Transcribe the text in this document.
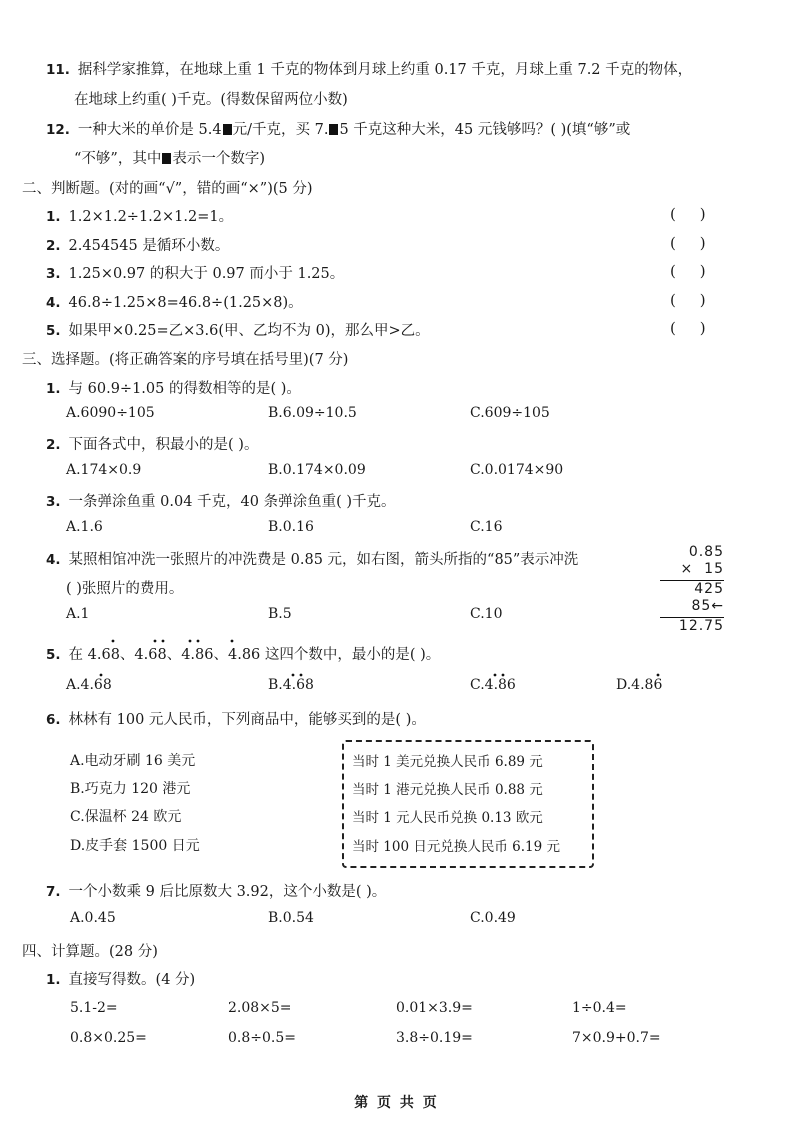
11. 据科学家推算，在地球上重 1 千克的物体到月球上约重 0.17 千克，月球上重 7.2 千克的物体，
在地球上约重( )千克。(得数保留两位小数)
12. 一种大米的单价是 5.4 元/千克，买 7. 5 千克这种大米，45 元钱够吗？( )(填“够”或
“不够”，其中 表示一个数字)
二、判断题。(对的画“√”，错的画“×”)(5 分)
1. 1.2×1.2÷1.2×1.2=1。	(     )
2. 2.454545 是循环小数。	(     )
3. 1.25×0.97 的积大于 0.97 而小于 1.25。	(     )
4. 46.8÷1.25×8=46.8÷(1.25×8)。	(     )
5. 如果甲×0.25=乙×3.6(甲、乙均不为 0)，那么甲>乙。	(     )
三、选择题。(将正确答案的序号填在括号里)(7 分)
1. 与 60.9÷1.05 的得数相等的是( )。
A.6090÷105	B.6.09÷10.5	C.609÷105
2. 下面各式中，积最小的是( )。
A.174×0.9	B.0.174×0.09	C.0.0174×90
3. 一条弹涂鱼重 0.04 千克，40 条弹涂鱼重( )千克。
A.1.6	B.0.16	C.16
4. 某照相馆冲洗一张照片的冲洗费是 0.85 元，如右图，箭头所指的“85”表示冲洗
( )张照片的费用。
A.1	B.5	C.10
0.85
×  15
425
85←
12.75
5. 在 4.68、4.68、4.86、4.86 这四个数中，最小的是( )。
A.4.68	B.4.68	C.4.86	D.4.86
6. 林林有 100 元人民币，下列商品中，能够买到的是( )。
A.电动牙刷 16 美元
B.巧克力 120 港元
C.保温杯 24 欧元
D.皮手套 1500 日元
当时 1 美元兑换人民币 6.89 元
当时 1 港元兑换人民币 0.88 元
当时 1 元人民币兑换 0.13 欧元
当时 100 日元兑换人民币 6.19 元
7. 一个小数乘 9 后比原数大 3.92，这个小数是( )。
A.0.45	B.0.54	C.0.49
四、计算题。(28 分)
1. 直接写得数。(4 分)
5.1-2=	2.08×5=	0.01×3.9=	1÷0.4=
0.8×0.25=	0.8÷0.5=	3.8÷0.19=	7×0.9+0.7=
第 页 共 页
